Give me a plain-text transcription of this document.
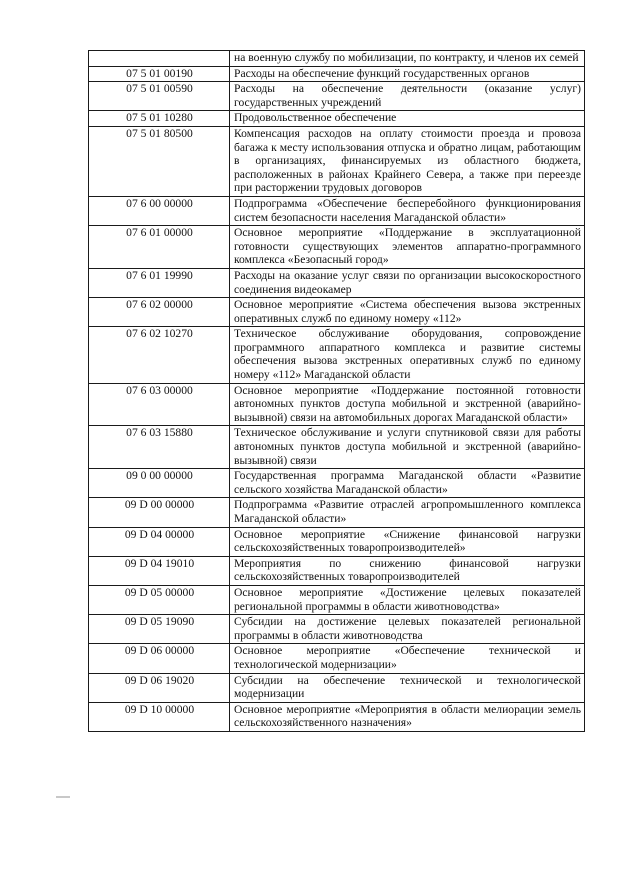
	на военную службу по мобилизации, по контракту, и членов их семей
07 5 01 00190	Расходы на обеспечение функций государственных органов
07 5 01 00590	Расходы на обеспечение деятельности (оказание услуг) государственных учреждений
07 5 01 10280	Продовольственное обеспечение
07 5 01 80500	Компенсация расходов на оплату стоимости проезда и провоза багажа к месту использования отпуска и обратно лицам, работающим в организациях, финансируемых из областного бюджета, расположенных в районах Крайнего Севера, а также при переезде при расторжении трудовых договоров
07 6 00 00000	Подпрограмма «Обеспечение бесперебойного функционирования систем безопасности населения Магаданской области»
07 6 01 00000	Основное мероприятие «Поддержание в эксплуатационной готовности существующих элементов аппаратно-программного комплекса «Безопасный город»
07 6 01 19990	Расходы на оказание услуг связи по организации высокоскоростного соединения видеокамер
07 6 02 00000	Основное мероприятие «Система обеспечения вызова экстренных оперативных служб по единому номеру «112»
07 6 02 10270	Техническое обслуживание оборудования, сопровождение программного аппаратного комплекса и развитие системы обеспечения вызова экстренных оперативных служб по единому номеру «112» Магаданской области
07 6 03 00000	Основное мероприятие «Поддержание постоянной готовности автономных пунктов доступа мобильной и экстренной (аварийно-вызывной) связи на автомобильных дорогах Магаданской области»
07 6 03 15880	Техническое обслуживание и услуги спутниковой связи для работы автономных пунктов доступа мобильной и экстренной (аварийно-вызывной) связи
09 0 00 00000	Государственная программа Магаданской области «Развитие сельского хозяйства Магаданской области»
09 D 00 00000	Подпрограмма «Развитие отраслей агропромышленного комплекса Магаданской области»
09 D 04 00000	Основное мероприятие «Снижение финансовой нагрузки сельскохозяйственных товаропроизводителей»
09 D 04 19010	Мероприятия по снижению финансовой нагрузки сельскохозяйственных товаропроизводителей
09 D 05 00000	Основное мероприятие «Достижение целевых показателей региональной программы в области животноводства»
09 D 05 19090	Субсидии на достижение целевых показателей региональной программы в области животноводства
09 D 06 00000	Основное мероприятие «Обеспечение технической и технологической модернизации»
09 D 06 19020	Субсидии на обеспечение технической и технологической модернизации
09 D 10 00000	Основное мероприятие «Мероприятия в области мелиорации земель сельскохозяйственного назначения»
